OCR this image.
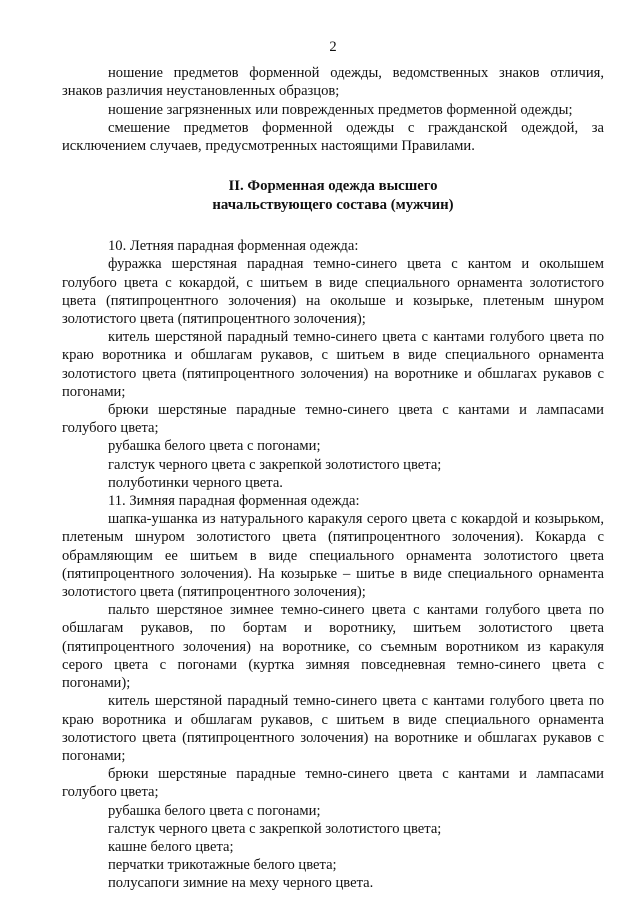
2

ношение предметов форменной одежды, ведомственных знаков отличия, знаков различия неустановленных образцов;

ношение загрязненных или поврежденных предметов форменной одежды;

смешение предметов форменной одежды с гражданской одеждой, за исключением случаев, предусмотренных настоящими Правилами.

II. Форменная одежда высшего
начальствующего состава (мужчин)

10. Летняя парадная форменная одежда:

фуражка шерстяная парадная темно-синего цвета с кантом и околышем голубого цвета с кокардой, с шитьем в виде специального орнамента золотистого цвета (пятипроцентного золочения) на околыше и козырьке, плетеным шнуром золотистого цвета (пятипроцентного золочения);

китель шерстяной парадный темно-синего цвета с кантами голубого цвета по краю воротника и обшлагам рукавов, с шитьем в виде специального орнамента золотистого цвета (пятипроцентного золочения) на воротнике и обшлагах рукавов с погонами;

брюки шерстяные парадные темно-синего цвета с кантами и лампасами голубого цвета;

рубашка белого цвета с погонами;

галстук черного цвета с закрепкой золотистого цвета;

полуботинки черного цвета.

11. Зимняя парадная форменная одежда:

шапка-ушанка из натурального каракуля серого цвета с кокардой и козырьком, плетеным шнуром золотистого цвета (пятипроцентного золочения). Кокарда с обрамляющим ее шитьем в виде специального орнамента золотистого цвета (пятипроцентного золочения). На козырьке – шитье в виде специального орнамента золотистого цвета (пятипроцентного золочения);

пальто шерстяное зимнее темно-синего цвета с кантами голубого цвета по обшлагам рукавов, по бортам и воротнику, шитьем золотистого цвета (пятипроцентного золочения) на воротнике, со съемным воротником из каракуля серого цвета с погонами (куртка зимняя повседневная темно-синего цвета с погонами);

китель шерстяной парадный темно-синего цвета с кантами голубого цвета по краю воротника и обшлагам рукавов, с шитьем в виде специального орнамента золотистого цвета (пятипроцентного золочения) на воротнике и обшлагах рукавов с погонами;

брюки шерстяные парадные темно-синего цвета с кантами и лампасами голубого цвета;

рубашка белого цвета с погонами;

галстук черного цвета с закрепкой золотистого цвета;

кашне белого цвета;

перчатки трикотажные белого цвета;

полусапоги зимние на меху черного цвета.
